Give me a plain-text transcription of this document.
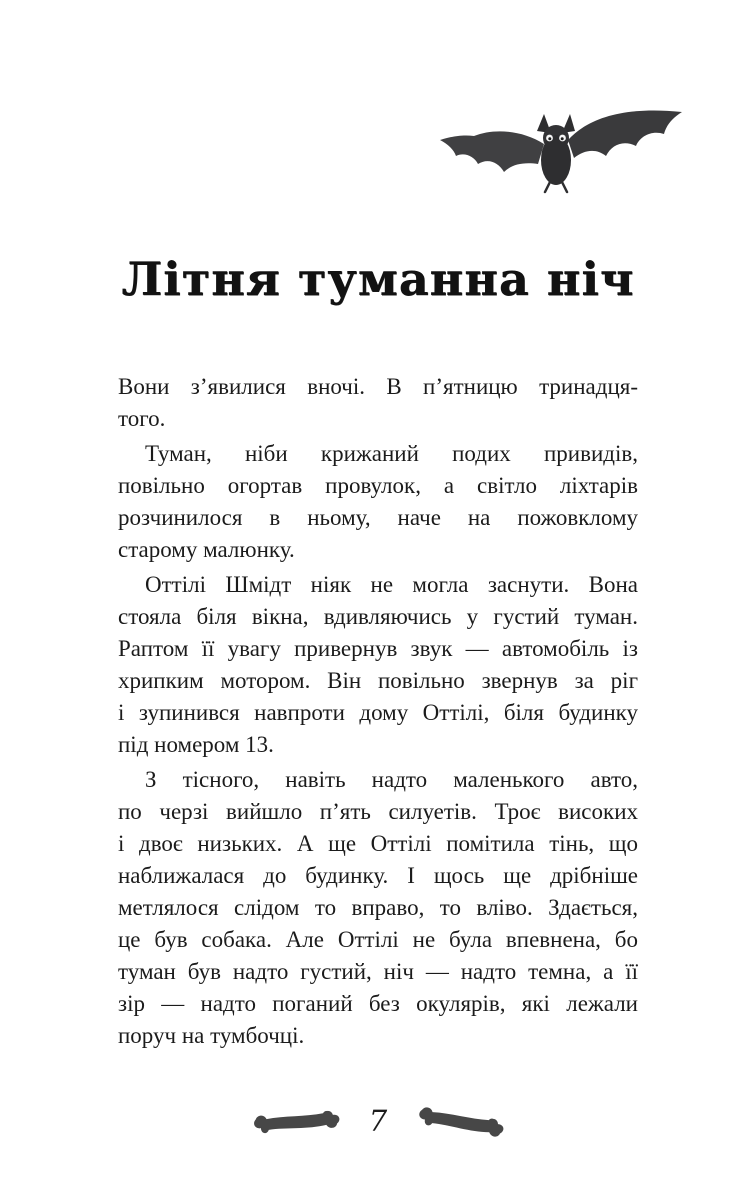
Літня туманна ніч
Вони з’явилися вночі. В п’ятницю тринадця-
того.
Туман, ніби крижаний подих привидів,
повільно огортав провулок, а світло ліхтарів
розчинилося в ньому, наче на пожовклому
старому малюнку.
Оттілі Шмідт ніяк не могла заснути. Вона
стояла біля вікна, вдивляючись у густий туман.
Раптом її увагу привернув звук — автомобіль із
хрипким мотором. Він повільно звернув за ріг
і зупинився навпроти дому Оттілі, біля будинку
під номером 13.
З тісного, навіть надто маленького авто,
по черзі вийшло п’ять силуетів. Троє високих
і двоє низьких. А ще Оттілі помітила тінь, що
наближалася до будинку. І щось ще дрібніше
метлялося слідом то вправо, то вліво. Здається,
це був собака. Але Оттілі не була впевнена, бо
туман був надто густий, ніч — надто темна, а її
зір — надто поганий без окулярів, які лежали
поруч на тумбочці.
7
